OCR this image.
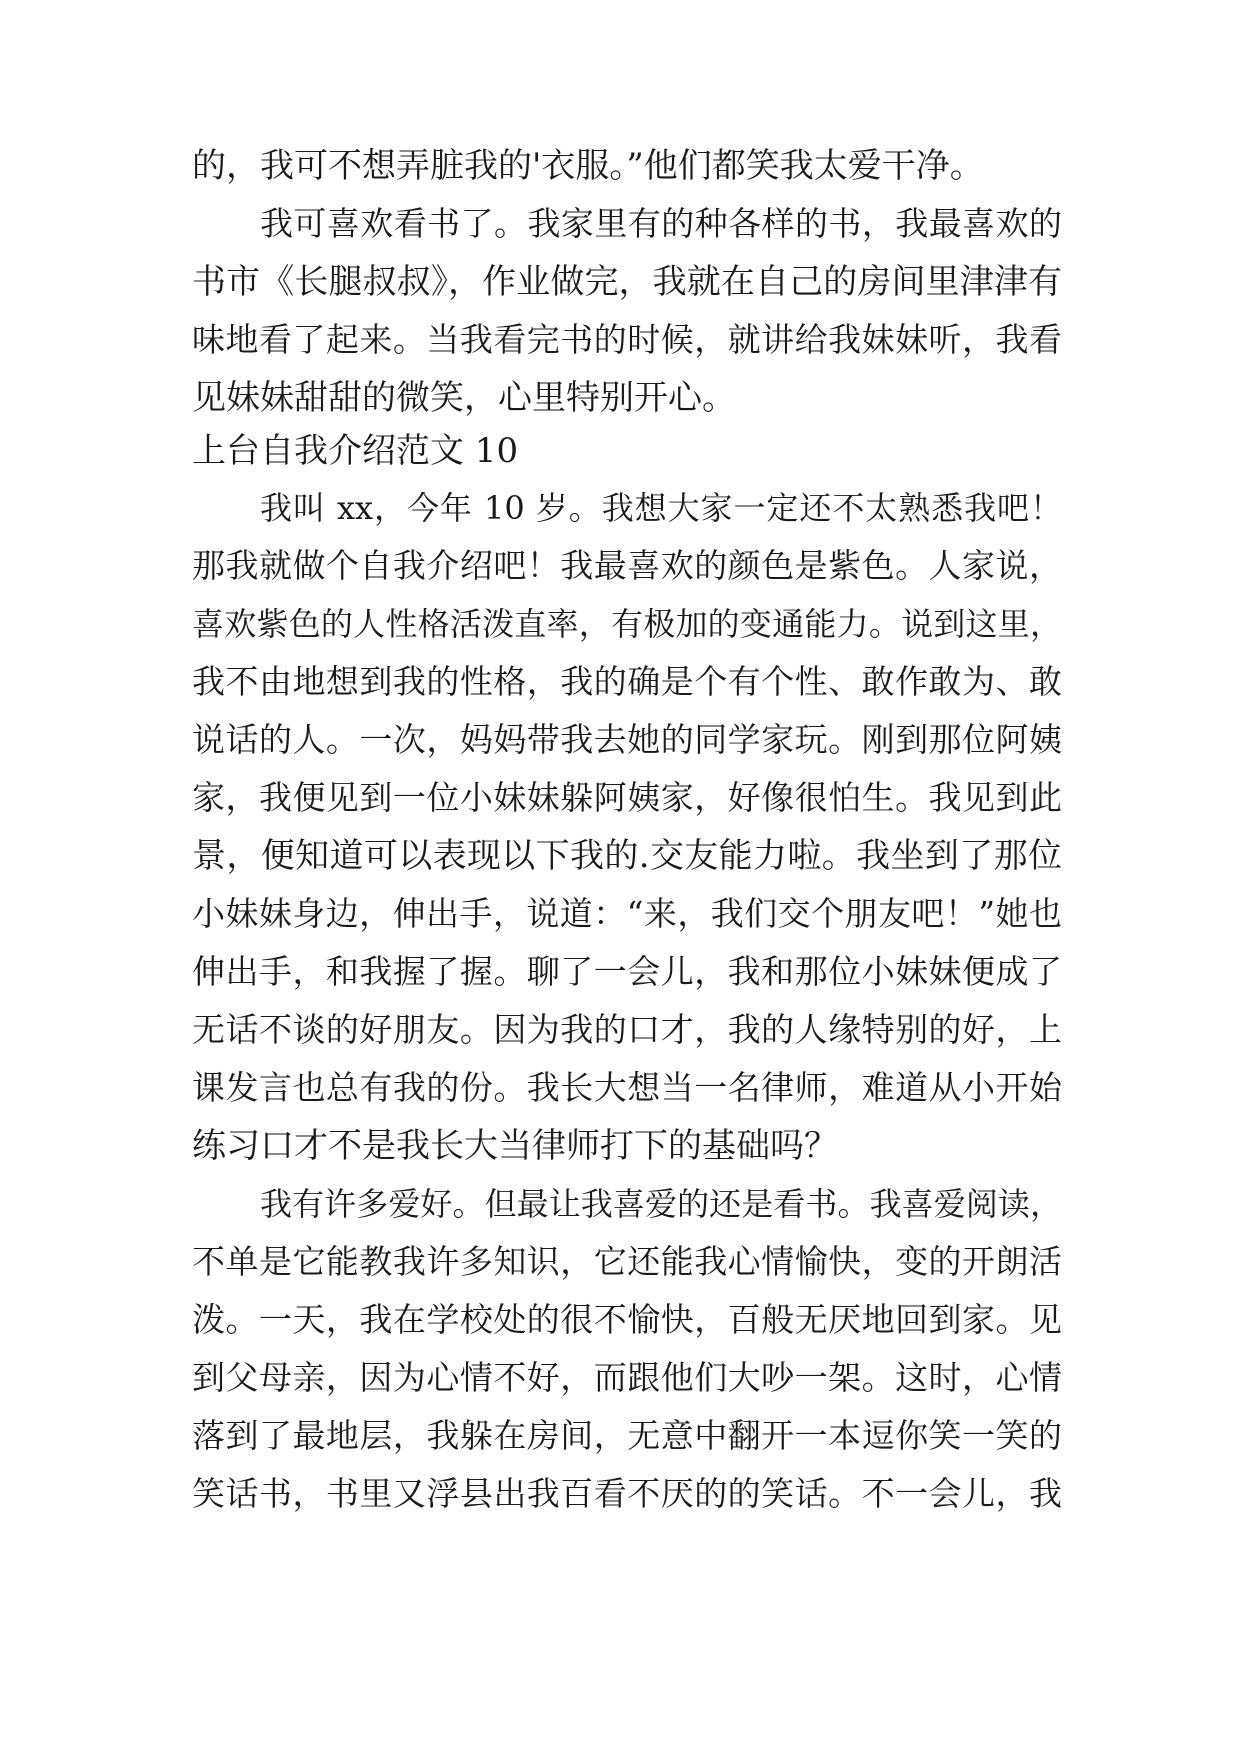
的，我可不想弄脏我的'衣服。”他们都笑我太爱干净。
我可喜欢看书了。我家里有的种各样的书，我最喜欢的
书市《长腿叔叔》，作业做完，我就在自己的房间里津津有
味地看了起来。当我看完书的时候，就讲给我妹妹听，我看
见妹妹甜甜的微笑，心里特别开心。
上台自我介绍范文 10
我叫 xx，今年 10 岁。我想大家一定还不太熟悉我吧！
那我就做个自我介绍吧！我最喜欢的颜色是紫色。人家说，
喜欢紫色的人性格活泼直率，有极加的变通能力。说到这里，
我不由地想到我的性格，我的确是个有个性、敢作敢为、敢
说话的人。一次，妈妈带我去她的同学家玩。刚到那位阿姨
家，我便见到一位小妹妹躲阿姨家，好像很怕生。我见到此
景，便知道可以表现以下我的.交友能力啦。我坐到了那位
小妹妹身边，伸出手，说道：“来，我们交个朋友吧！”她也
伸出手，和我握了握。聊了一会儿，我和那位小妹妹便成了
无话不谈的好朋友。因为我的口才，我的人缘特别的好，上
课发言也总有我的份。我长大想当一名律师，难道从小开始
练习口才不是我长大当律师打下的基础吗？
我有许多爱好。但最让我喜爱的还是看书。我喜爱阅读，
不单是它能教我许多知识，它还能我心情愉快，变的开朗活
泼。一天，我在学校处的很不愉快，百般无厌地回到家。见
到父母亲，因为心情不好，而跟他们大吵一架。这时，心情
落到了最地层，我躲在房间，无意中翻开一本逗你笑一笑的
笑话书，书里又浮县出我百看不厌的的笑话。不一会儿，我
